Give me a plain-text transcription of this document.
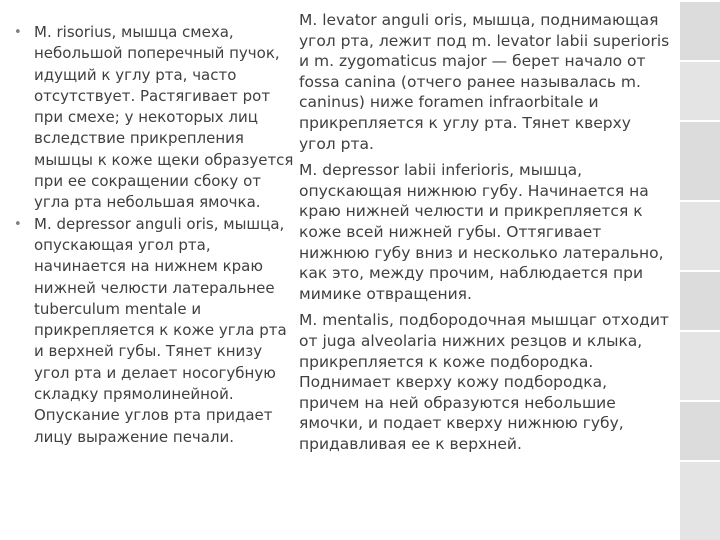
• M. risorius, мышца смеха, небольшой поперечный пучок, идущий к углу рта, часто отсутствует. Растягивает рот при смехе; у некоторых лиц вследствие прикрепления мышцы к коже щеки образуется при ее сокращении сбоку от угла рта небольшая ямочка.
• M. depressor anguli oris, мышца, опускающая угол рта, начинается на нижнем краю нижней челюсти латеральнее tuberculum mentale и прикрепляется к коже угла рта и верхней губы. Тянет книзу угол рта и делает носогубную складку прямолинейной. Опускание углов рта придает лицу выражение печали.

M. levator anguli oris, мышца, поднимающая угол рта, лежит под m. levator labii superioris и m. zygomaticus major — берет начало от fossa canina (отчего ранее называлась m. caninus) ниже foramen infraorbitale и прикрепляется к углу рта. Тянет кверху угол рта.

M. depressor labii inferioris, мышца, опускающая нижнюю губу. Начинается на краю нижней челюсти и прикрепляется к коже всей нижней губы. Оттягивает нижнюю губу вниз и несколько латерально, как это, между прочим, наблюдается при мимике отвращения.

M. mentalis, подбородочная мышцаг отходит от juga alveolaria нижних резцов и клыка, прикрепляется к коже подбородка. Поднимает кверху кожу подбородка, причем на ней образуются небольшие ямочки, и подает кверху нижнюю губу, придавливая ее к верхней.
